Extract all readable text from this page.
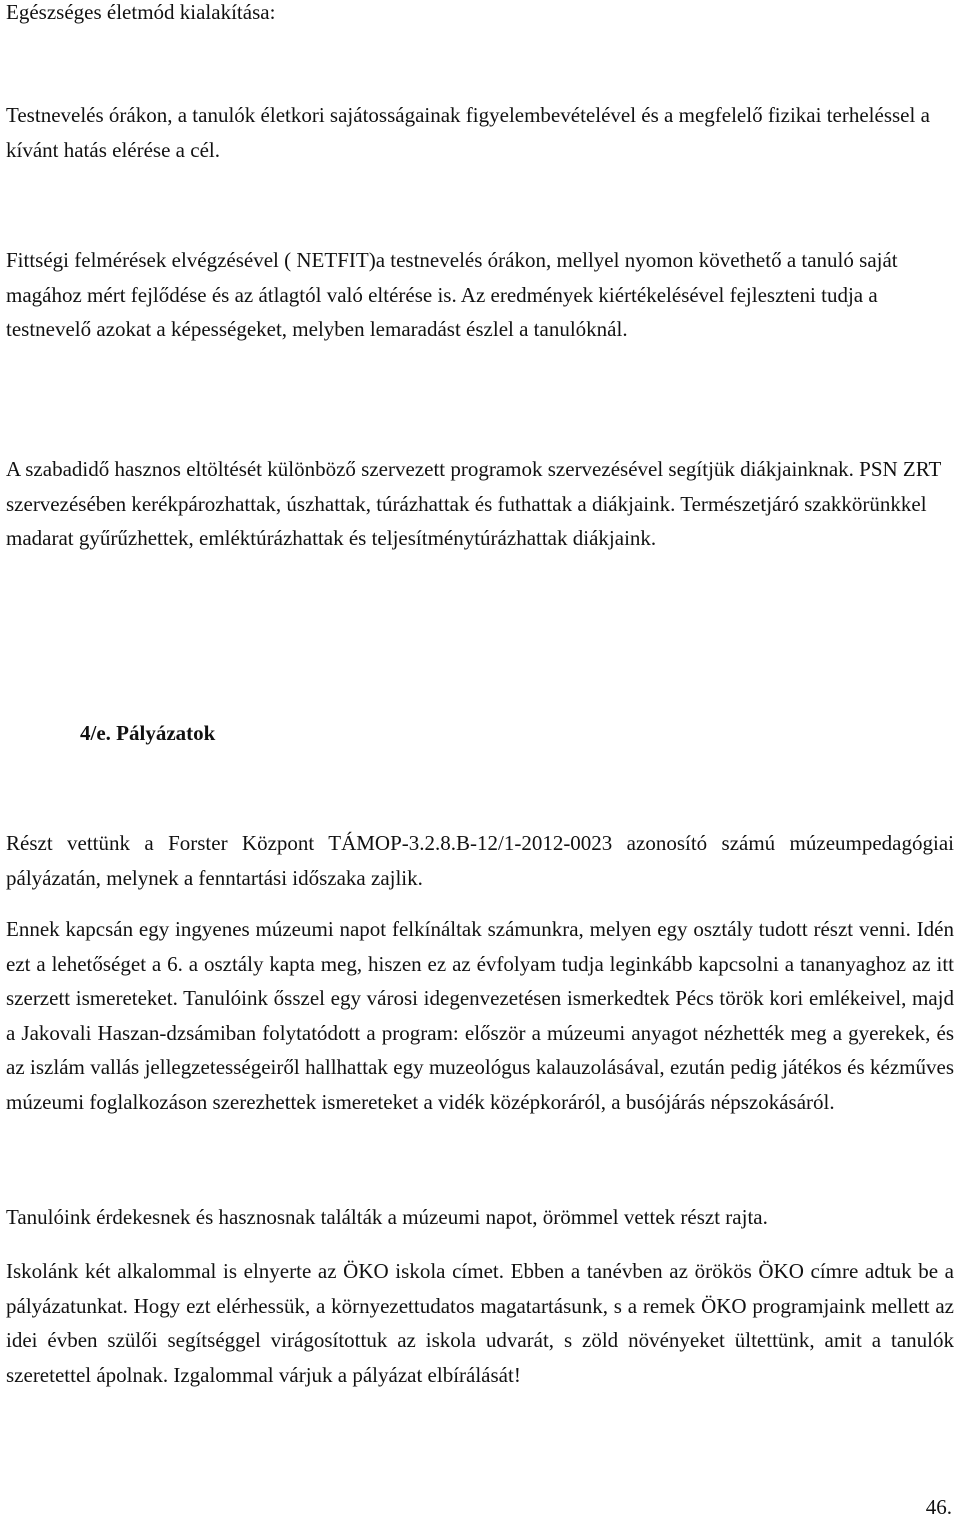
Egészséges életmód kialakítása:

Testnevelés órákon, a tanulók életkori sajátosságainak figyelembevételével és a megfelelő fizikai terheléssel a kívánt hatás elérése a cél.

Fittségi felmérések elvégzésével ( NETFIT)a testnevelés órákon, mellyel nyomon követhető a tanuló saját magához mért fejlődése és az átlagtól való eltérése is. Az eredmények kiértékelésével fejleszteni tudja a testnevelő azokat a képességeket, melyben lemaradást észlel a tanulóknál.

A szabadidő hasznos eltöltését különböző szervezett programok szervezésével segítjük diákjainknak. PSN ZRT szervezésében kerékpározhattak, úszhattak, túrázhattak és futhattak a diákjaink. Természetjáró szakkörünkkel madarat gyűrűzhettek, emléktúrázhattak és teljesítménytúrázhattak diákjaink.

4/e. Pályázatok

Részt vettünk a Forster Központ TÁMOP-3.2.8.B-12/1-2012-0023 azonosító számú múzeumpedagógiai pályázatán, melynek a fenntartási időszaka zajlik.

Ennek kapcsán egy ingyenes múzeumi napot felkínáltak számunkra, melyen egy osztály tudott részt venni. Idén ezt a lehetőséget a 6. a osztály kapta meg, hiszen ez az évfolyam tudja leginkább kapcsolni a tananyaghoz az itt szerzett ismereteket. Tanulóink ősszel egy városi idegenvezetésen ismerkedtek Pécs török kori emlékeivel, majd a Jakovali Haszan-dzsámiban folytatódott a program: először a múzeumi anyagot nézhették meg a gyerekek, és az iszlám vallás jellegzetességeiről hallhattak egy muzeológus kalauzolásával, ezután pedig játékos és kézműves múzeumi foglalkozáson szerezhettek ismereteket a vidék középkoráról, a busójárás népszokásáról.

Tanulóink érdekesnek és hasznosnak találták a múzeumi napot, örömmel vettek részt rajta.

Iskolánk két alkalommal is elnyerte az ÖKO iskola címet. Ebben a tanévben az örökös ÖKO címre adtuk be a pályázatunkat. Hogy ezt elérhessük, a környezettudatos magatartásunk, s a remek ÖKO programjaink mellett az idei évben szülői segítséggel virágosítottuk az iskola udvarát, s zöld növényeket ültettünk, amit a tanulók szeretettel ápolnak. Izgalommal várjuk a pályázat elbírálását!

46.
